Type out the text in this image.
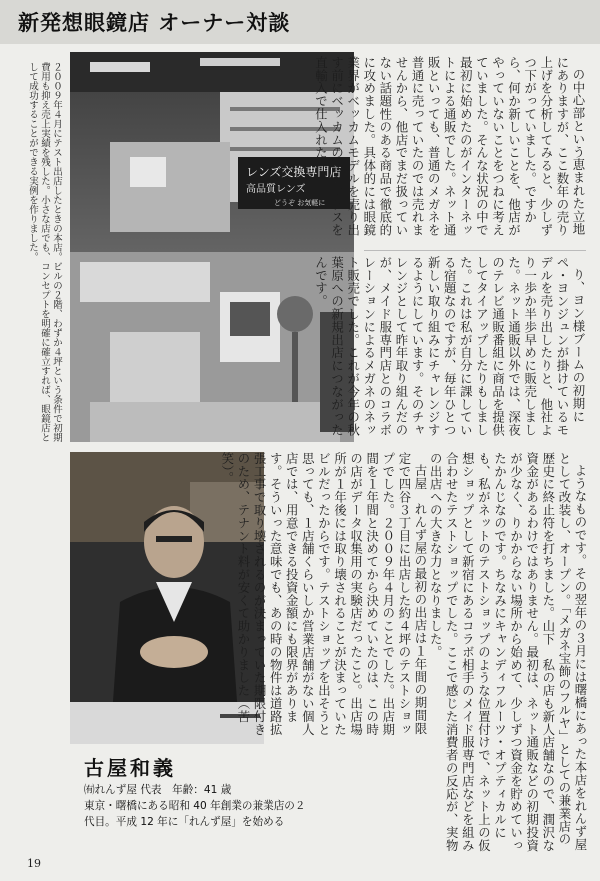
新発想眼鏡店 オーナー対談
レンズ交換専門店
高品質レンズ
どうぞ お気軽に
２００９年４月にテスト出店したときの本店。ビルの２階、わずか４坪という条件で初期費用も抑え売上実績を残した。小さな店でも、コンセプトを明確に確立すれば、眼鏡店として成功することができる実例を作りました。	の中心部という恵まれた立地にありますが、ここ数年の売り上げを分析してみると、少しずつ下がっていました。ですから、何か新しいことを、他店がやっていないことをつねに考えていました。そんな状況の中で最初に始めたのがインターネットによる通販でした。ネット通販といっても、普通のメガネを普通に売っていたのでは売れませんから、他店でまだ扱っていない話題性のある商品で徹底的に攻めました。具体的には眼鏡業界がベッカムモデルを売り出す前にベッカムのサングラスを直輸入で仕入れた

り、ヨン様ブームの初期にペ・ヨンジュンが掛けているモデルを売り出したりと、他社より一歩か半歩早めに販売しました。ネット通販以外では、深夜のテレビ通販番組に商品を提供してタイアップしたりもしました。これは私が自分に課している宿題なのですが、毎年ひとつ新しい取り組みにチャレンジするようにしています。そのチャレンジとして昨年取り組んだのが、メイド服専門店とのコラボレーションによるメガネのネット販売でした。これが今年の秋葉原への新規出店につながったんです。

古屋　れんず屋の最初の出店は１年間の期間限定で四谷３丁目に出店した約４坪のテストショップでした。２００９年４月のことでした。出店期間を１年間と決めてから決めていたのは、この時の店がデータ収集用の実験店だったこと。出店場所が１年後には取り壊されることが決まっていたビルだったからです。テストショップを出そうと思っても、１店舗くらいしか営業店舗がない個人店では、用意できる投資金額にも限界があります。そういった意味でも、あの時の物件は道路拡張工事で取り壊されるのが決まっていた期限付きのため、テナント料が安くて助かりました（苦笑）。	ようなものです。その翌年の３月には曙橋にあった本店をれんず屋として改装し、オープン。「メガネ宝飾のフルヤ」としての兼業店の歴史に終止符を打ちました。山下　私の店も新人店舗なので、潤沢な資金があるわけではありません。最初は、ネット通販などの初期投資が少なく、りかからない場所から始めて、少しずつ資金を貯めていったかんじなのです。ちなみにキャンディフルーツ・オプティカルにも、私がネットのテストショップのような位置付けで、ネット上の仮想ショップとして新宿にあるコラボ相手のメイド服専門店などを組み合わせたテストショップでした。ここで感じた消費者の反応が、実物の出店への大きな力となりました。

古屋和義
㈲れんず屋 代表　年齢：41 歳
東京・曙橋にある昭和 40 年創業の兼業店の２
代目。平成 12 年に「れんず屋」を始める
19
